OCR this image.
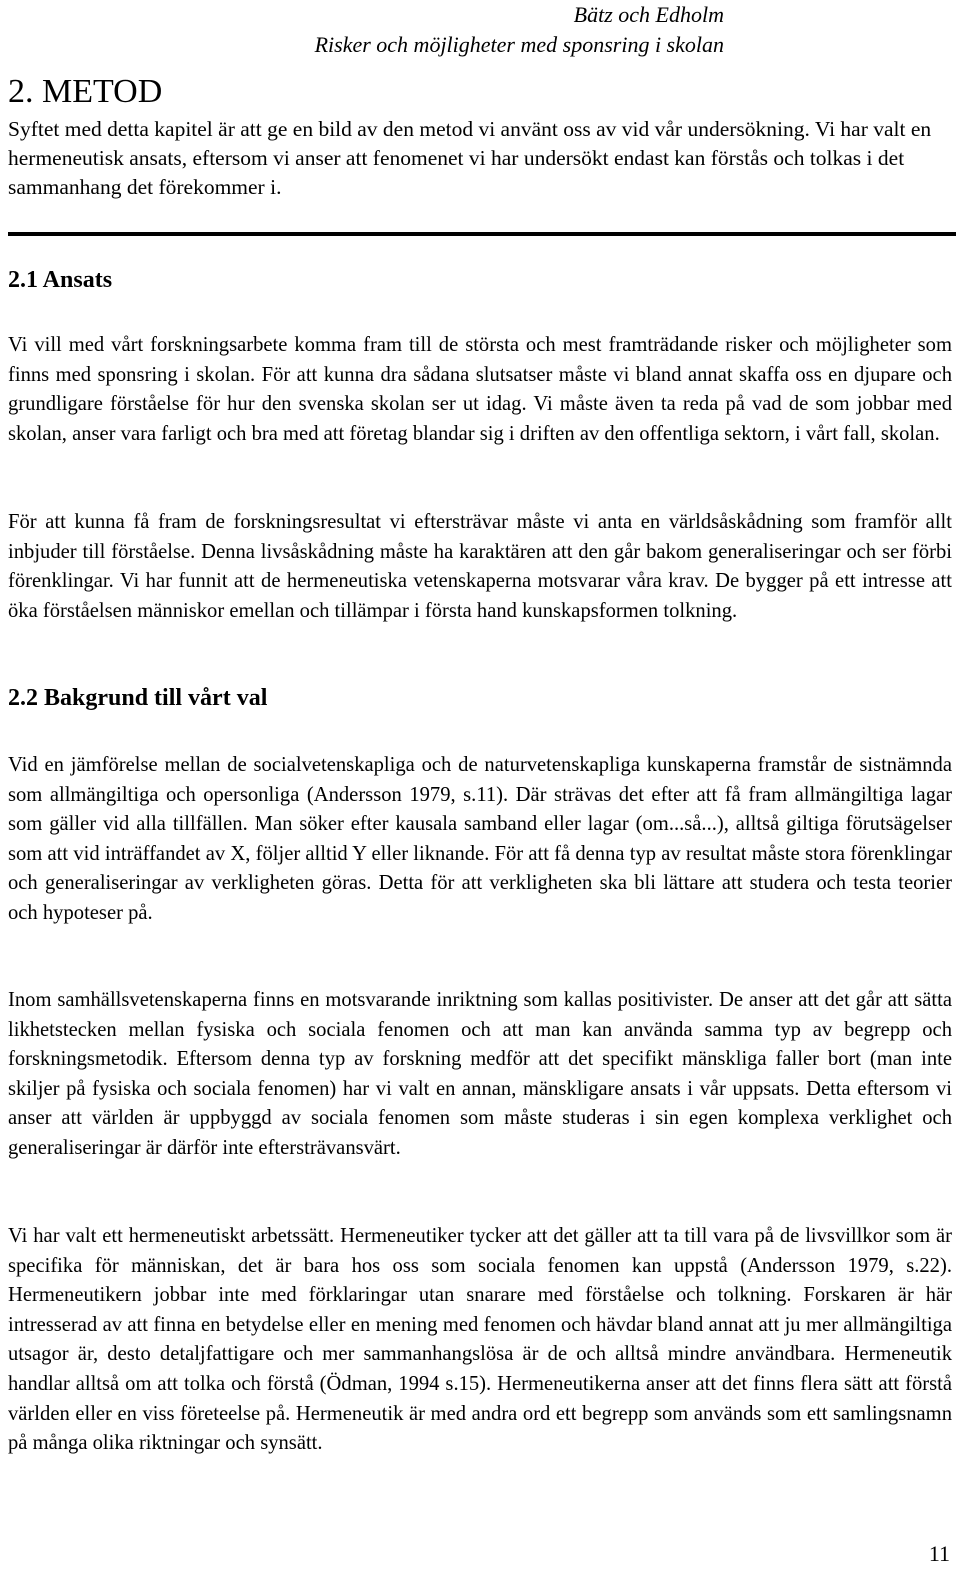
Bätz och Edholm
Risker och möjligheter med sponsring i skolan
2. METOD

Syftet med detta kapitel är att ge en bild av den metod vi använt oss av vid vår undersökning. Vi har valt en hermeneutisk ansats, eftersom vi anser att fenomenet vi har undersökt endast kan förstås och tolkas i det sammanhang det förekommer i.

2.1 Ansats

Vi vill med vårt forskningsarbete komma fram till de största och mest framträdande risker och möjligheter som finns med sponsring i skolan. För att kunna dra sådana slutsatser måste vi bland annat skaffa oss en djupare och grundligare förståelse för hur den svenska skolan ser ut idag. Vi måste även ta reda på vad de som jobbar med skolan, anser vara farligt och bra med att företag blandar sig i driften av den offentliga sektorn, i vårt fall, skolan.

För att kunna få fram de forskningsresultat vi eftersträvar måste vi anta en världsåskådning som framför allt inbjuder till förståelse. Denna livsåskådning måste ha karaktären att den går bakom generaliseringar och ser förbi förenklingar. Vi har funnit att de hermeneutiska vetenskaperna motsvarar våra krav. De bygger på ett intresse att öka förståelsen människor emellan och tillämpar i första hand kunskapsformen tolkning.

2.2 Bakgrund till vårt val

Vid en jämförelse mellan de socialvetenskapliga och de naturvetenskapliga kunskaperna framstår de sistnämnda som allmängiltiga och opersonliga (Andersson 1979, s.11). Där strävas det efter att få fram allmängiltiga lagar som gäller vid alla tillfällen. Man söker efter kausala samband eller lagar (om...så...), alltså giltiga förutsägelser som att vid inträffandet av X, följer alltid Y eller liknande. För att få denna typ av resultat måste stora förenklingar och generaliseringar av verkligheten göras. Detta för att verkligheten ska bli lättare att studera och testa teorier och hypoteser på.

Inom samhällsvetenskaperna finns en motsvarande inriktning som kallas positivister. De anser att det går att sätta likhetstecken mellan fysiska och sociala fenomen och att man kan använda samma typ av begrepp och forskningsmetodik. Eftersom denna typ av forskning medför att det specifikt mänskliga faller bort (man inte skiljer på fysiska och sociala fenomen) har vi valt en annan, mänskligare ansats i vår uppsats. Detta eftersom vi anser att världen är uppbyggd av sociala fenomen som måste studeras i sin egen komplexa verklighet och generaliseringar är därför inte eftersträvansvärt.

Vi har valt ett hermeneutiskt arbetssätt. Hermeneutiker tycker att det gäller att ta till vara på de livsvillkor som är specifika för människan, det är bara hos oss som sociala fenomen kan uppstå (Andersson 1979, s.22). Hermeneutikern jobbar inte med förklaringar utan snarare med förståelse och tolkning. Forskaren är här intresserad av att finna en betydelse eller en mening med fenomen och hävdar bland annat att ju mer allmängiltiga utsagor är, desto detaljfattigare och mer sammanhangslösa är de och alltså mindre användbara. Hermeneutik handlar alltså om att tolka och förstå (Ödman, 1994 s.15). Hermeneutikerna anser att det finns flera sätt att förstå världen eller en viss företeelse på. Hermeneutik är med andra ord ett begrepp som används som ett samlingsnamn på många olika riktningar och synsätt.

11
